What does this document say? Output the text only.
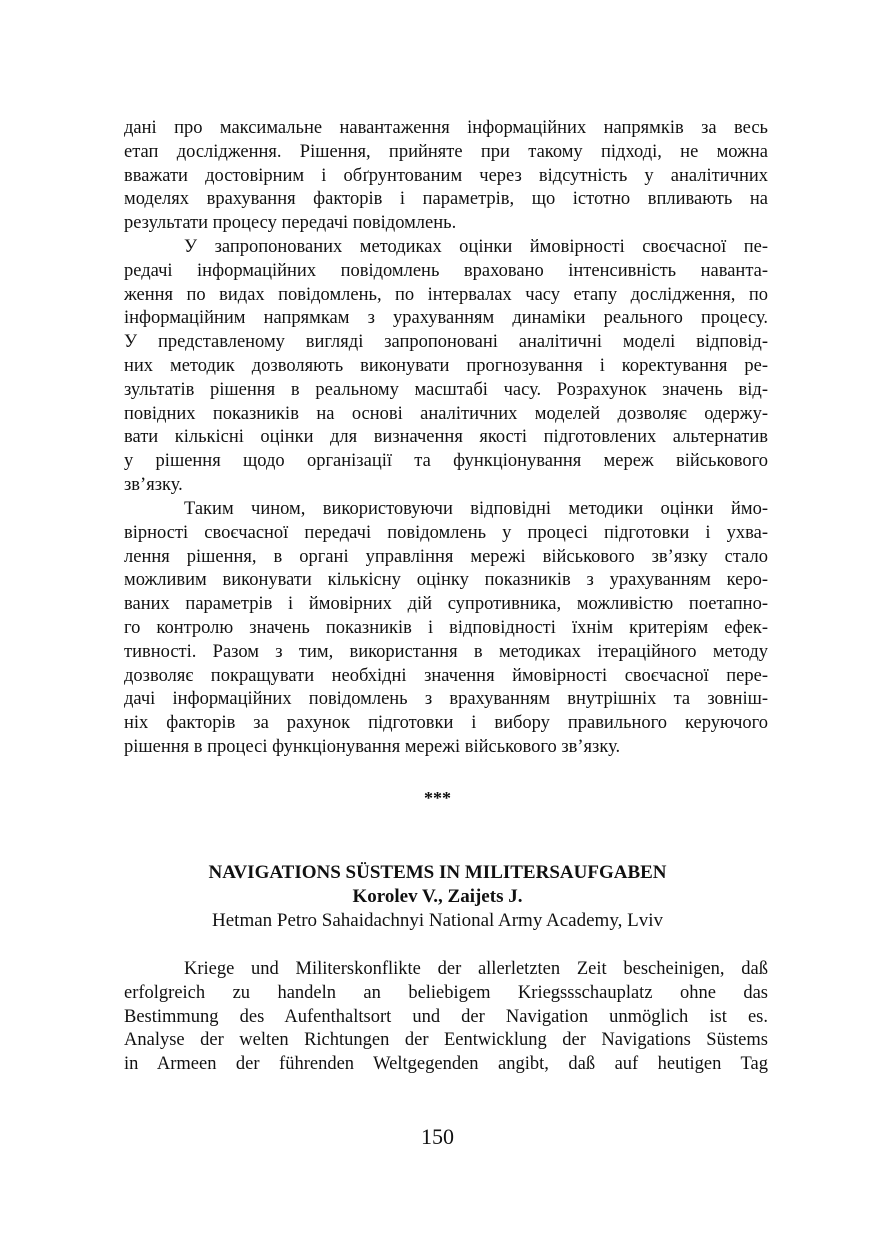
дані про максимальне навантаження інформаційних напрямків за весь
етап дослідження. Рішення, прийняте при такому підході, не можна
вважати достовірним і обґрунтованим через відсутність у аналітичних
моделях врахування факторів і параметрів, що істотно впливають на
результати процесу передачі повідомлень.

У запропонованих методиках оцінки ймовірності своєчасної пе-
редачі інформаційних повідомлень враховано інтенсивність наванта-
ження по видах повідомлень, по інтервалах часу етапу дослідження, по
інформаційним напрямкам з урахуванням динаміки реального процесу.
У представленому вигляді запропоновані аналітичні моделі відповід-
них методик дозволяють виконувати прогнозування і коректування ре-
зультатів рішення в реальному масштабі часу. Розрахунок значень від-
повідних показників на основі аналітичних моделей дозволяє одержу-
вати кількісні оцінки для визначення якості підготовлених альтернатив
у рішення щодо організації та функціонування мереж військового
зв’язку.

Таким чином, використовуючи відповідні методики оцінки ймо-
вірності своєчасної передачі повідомлень у процесі підготовки і ухва-
лення рішення, в органі управління мережі військового зв’язку стало
можливим виконувати кількісну оцінку показників з урахуванням керо-
ваних параметрів і ймовірних дій супротивника, можливістю поетапно-
го контролю значень показників і відповідності їхнім критеріям ефек-
тивності. Разом з тим, використання в методиках ітераційного методу
дозволяє покращувати необхідні значення ймовірності своєчасної пере-
дачі інформаційних повідомлень з врахуванням внутрішніх та зовніш-
ніх факторів за рахунок підготовки і вибору правильного керуючого
рішення в процесі функціонування мережі військового зв’язку.

***
NAVIGATIONS SÜSTEMS IN MILITERSAUFGABEN
Korolev V., Zaijets J.
Hetman Petro Sahaidachnyi National Army Academy, Lviv

Kriege und Militerskonflikte der allerletzten Zeit bescheinigen, daß
erfolgreich zu handeln an beliebigem Kriegssschauplatz ohne das
Bestimmung des Aufenthaltsort und der Navigation unmöglich ist es.
Analyse der welten Richtungen der Eentwicklung der Navigations Süstems
in Armeen der führenden Weltgegenden angibt, daß auf heutigen Tag

150
